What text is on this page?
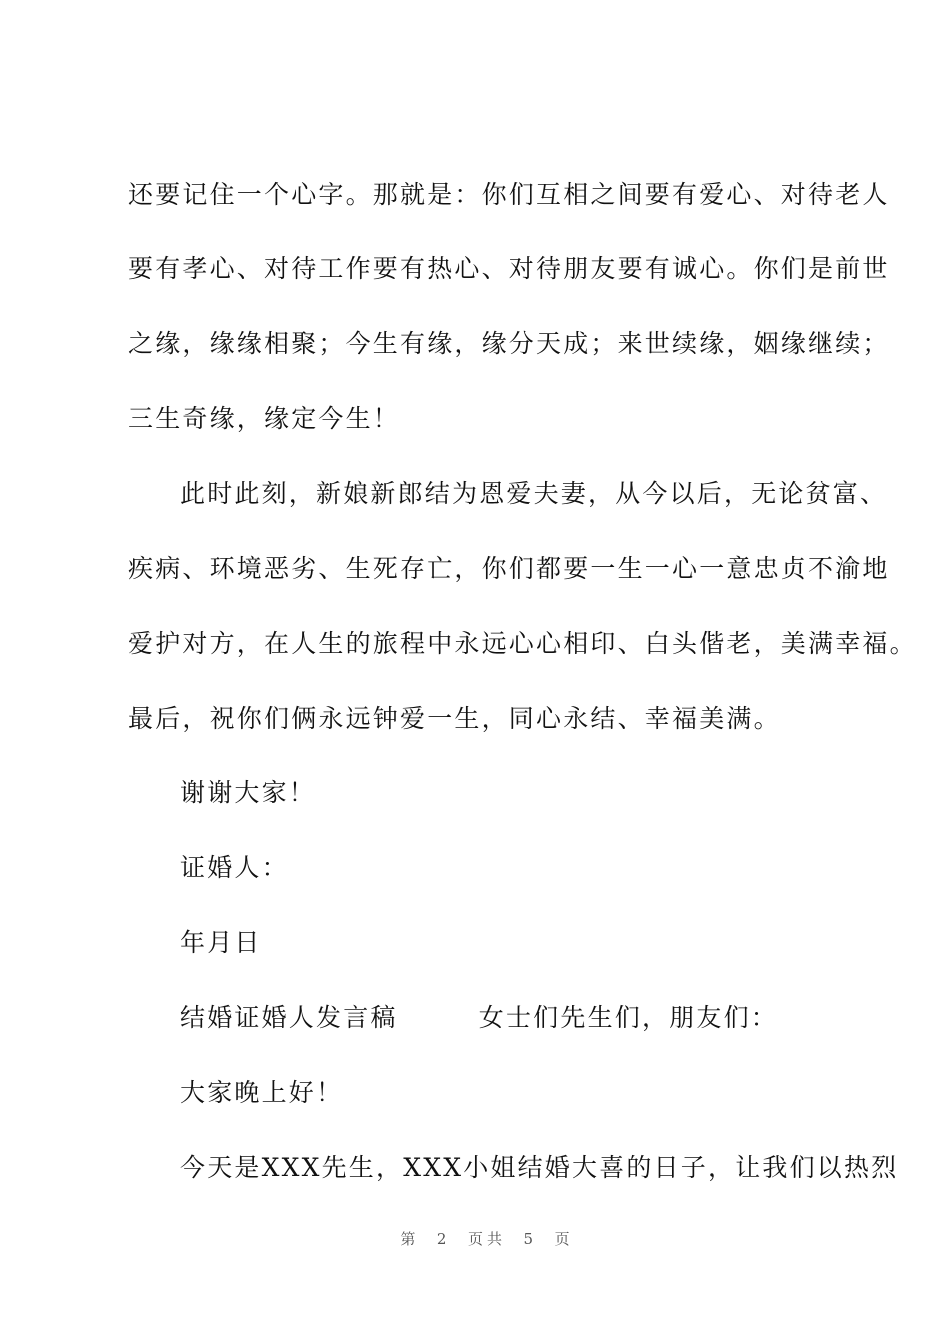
还要记住一个心字。那就是：你们互相之间要有爱心、对待老人
要有孝心、对待工作要有热心、对待朋友要有诚心。你们是前世
之缘，缘缘相聚；今生有缘，缘分天成；来世续缘，姻缘继续；
三生奇缘，缘定今生！
此时此刻，新娘新郎结为恩爱夫妻，从今以后，无论贫富、
疾病、环境恶劣、生死存亡，你们都要一生一心一意忠贞不渝地
爱护对方，在人生的旅程中永远心心相印、白头偕老，美满幸福。
最后，祝你们俩永远钟爱一生，同心永结、幸福美满。
谢谢大家！
证婚人：
年月日
结婚证婚人发言稿        女士们先生们，朋友们：
大家晚上好！
今天是XXX先生，XXX小姐结婚大喜的日子，让我们以热烈
第  2  页共  5  页
